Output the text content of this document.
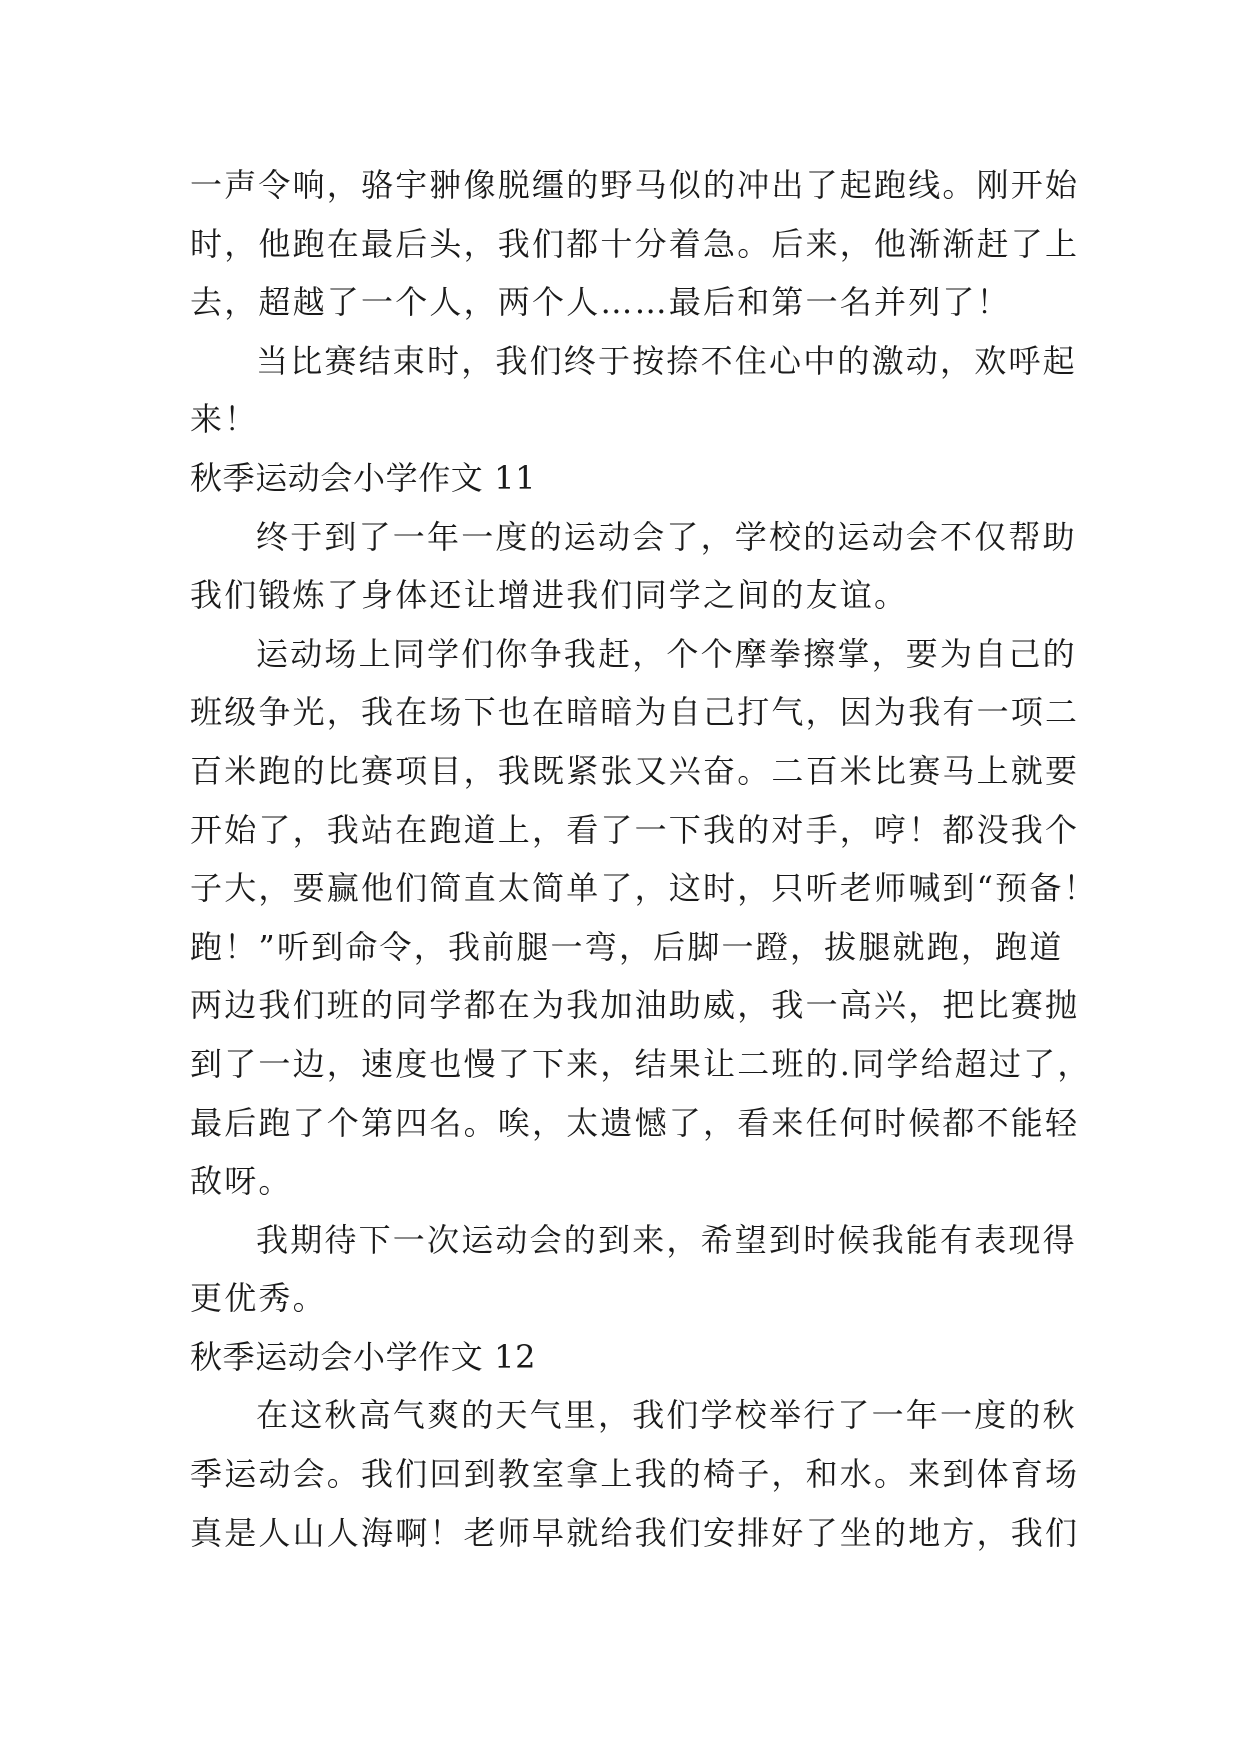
一声令响，骆宇翀像脱缰的野马似的冲出了起跑线。刚开始
时，他跑在最后头，我们都十分着急。后来，他渐渐赶了上
去，超越了一个人，两个人……最后和第一名并列了！
当比赛结束时，我们终于按捺不住心中的激动，欢呼起
来！
秋季运动会小学作文 11
终于到了一年一度的运动会了，学校的运动会不仅帮助
我们锻炼了身体还让增进我们同学之间的友谊。
运动场上同学们你争我赶，个个摩拳擦掌，要为自己的
班级争光，我在场下也在暗暗为自己打气，因为我有一项二
百米跑的比赛项目，我既紧张又兴奋。二百米比赛马上就要
开始了，我站在跑道上，看了一下我的对手，哼！都没我个
子大，要赢他们简直太简单了，这时，只听老师喊到“预备！
跑！”听到命令，我前腿一弯，后脚一蹬，拔腿就跑，跑道
两边我们班的同学都在为我加油助威，我一高兴，把比赛抛
到了一边，速度也慢了下来，结果让二班的.同学给超过了，
最后跑了个第四名。唉，太遗憾了，看来任何时候都不能轻
敌呀。
我期待下一次运动会的到来，希望到时候我能有表现得
更优秀。
秋季运动会小学作文 12
在这秋高气爽的天气里，我们学校举行了一年一度的秋
季运动会。我们回到教室拿上我的椅子，和水。来到体育场
真是人山人海啊！老师早就给我们安排好了坐的地方，我们
